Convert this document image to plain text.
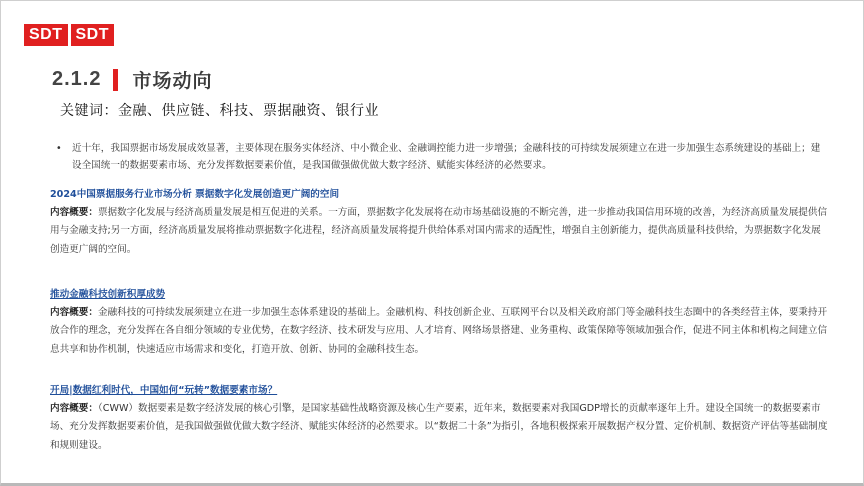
SDT SDT
2.1.2 市场动向
关键词：金融、供应链、科技、票据融资、银行业
•	近十年，我国票据市场发展成效显著，主要体现在服务实体经济、中小微企业、金融调控能力进一步增强；金融科技的可持续发展须建立在进一步加强生态系统建设的基础上；建设全国统一的数据要素市场、充分发挥数据要素价值，是我国做强做优做大数字经济、赋能实体经济的必然要求。
2024中国票据服务行业市场分析 票据数字化发展创造更广阔的空间
内容概要：票据数字化发展与经济高质量发展是相互促进的关系。一方面，票据数字化发展将在动市场基础设施的不断完善，进一步推动我国信用环境的改善，为经济高质量发展提供信用与金融支持;另一方面，经济高质量发展将推动票据数字化进程，经济高质量发展将提升供给体系对国内需求的适配性，增强自主创新能力，提供高质量科技供给，为票据数字化发展创造更广阔的空间。
推动金融科技创新积厚成势
内容概要：金融科技的可持续发展须建立在进一步加强生态体系建设的基础上。金融机构、科技创新企业、互联网平台以及相关政府部门等金融科技生态圈中的各类经营主体，要秉持开放合作的理念，充分发挥在各自细分领域的专业优势，在数字经济、技术研发与应用、人才培育、网络场景搭建、业务重构、政策保障等领域加强合作，促进不同主体和机构之间建立信息共享和协作机制，快速适应市场需求和变化，打造开放、创新、协同的金融科技生态。
开局|数据红利时代，中国如何“玩转”数据要素市场？
内容概要：（CWW）数据要素是数字经济发展的核心引擎，是国家基础性战略资源及核心生产要素，近年来，数据要素对我国GDP增长的贡献率逐年上升。建设全国统一的数据要素市场、充分发挥数据要素价值，是我国做强做优做大数字经济、赋能实体经济的必然要求。以“数据二十条”为指引，各地积极探索开展数据产权分置、定价机制、数据资产评估等基础制度和规则建设。
